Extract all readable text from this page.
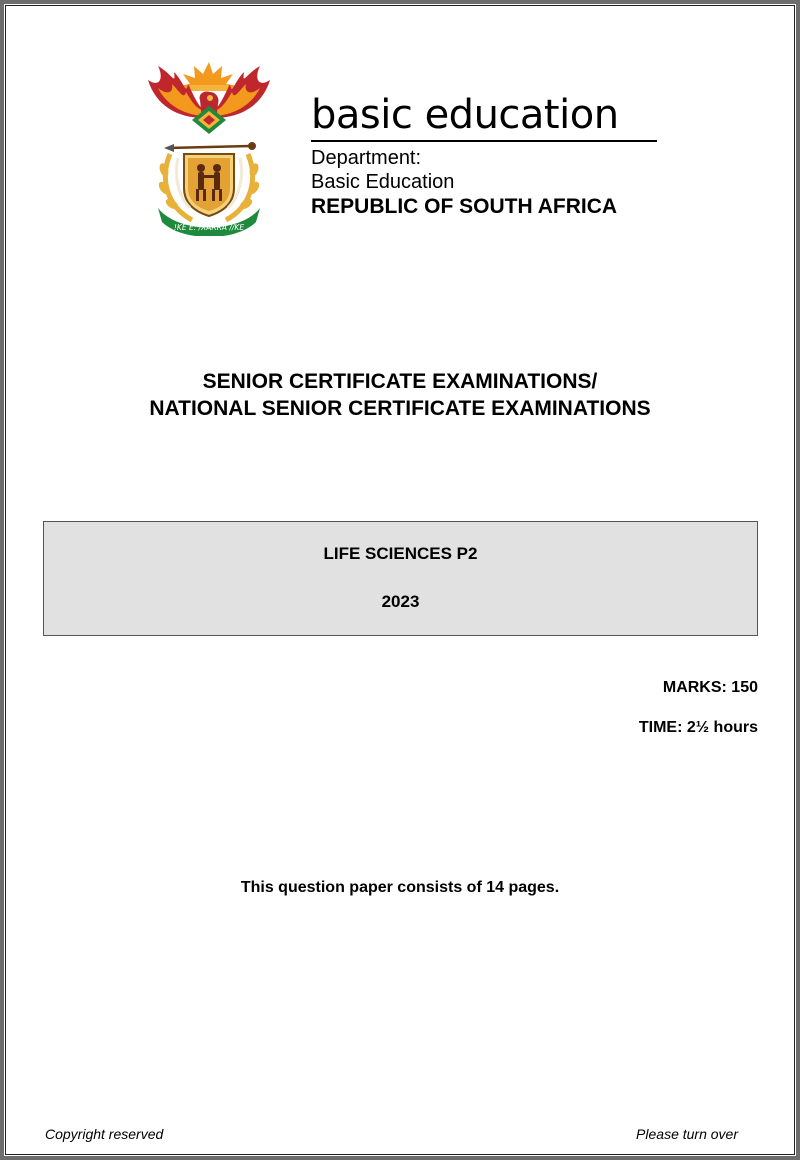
!KE E: /XARRA //KE
basic education
Department:
Basic Education
REPUBLIC OF SOUTH AFRICA
SENIOR CERTIFICATE EXAMINATIONS/
NATIONAL SENIOR CERTIFICATE EXAMINATIONS
LIFE SCIENCES P2
2023
MARKS: 150
TIME: 2½ hours
This question paper consists of 14 pages.
Copyright reserved	Please turn over
